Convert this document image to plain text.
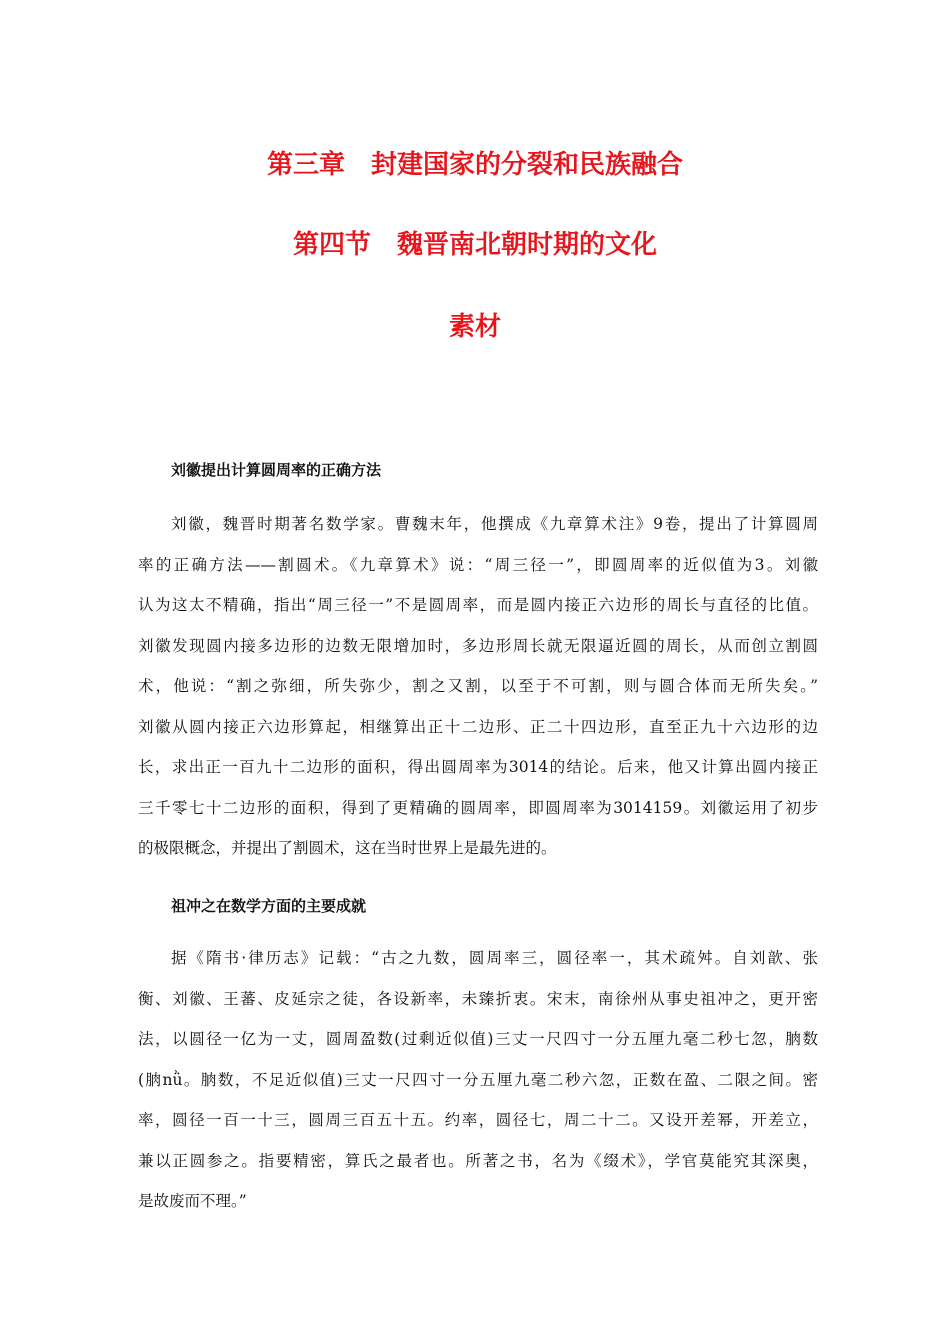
第三章　封建国家的分裂和民族融合
第四节　魏晋南北朝时期的文化
素材
刘徽提出计算圆周率的正确方法
刘徽，魏晋时期著名数学家。曹魏末年，他撰成《九章算术注》9卷，提出了计算圆周
率的正确方法——割圆术。《九章算术》说：“周三径一”，即圆周率的近似值为3。刘徽
认为这太不精确，指出“周三径一”不是圆周率，而是圆内接正六边形的周长与直径的比值。
刘徽发现圆内接多边形的边数无限增加时，多边形周长就无限逼近圆的周长，从而创立割圆
术，他说：“割之弥细，所失弥少，割之又割，以至于不可割，则与圆合体而无所失矣。”
刘徽从圆内接正六边形算起，相继算出正十二边形、正二十四边形，直至正九十六边形的边
长，求出正一百九十二边形的面积，得出圆周率为3014的结论。后来，他又计算出圆内接正
三千零七十二边形的面积，得到了更精确的圆周率，即圆周率为3014159。刘徽运用了初步
的极限概念，并提出了割圆术，这在当时世界上是最先进的。
祖冲之在数学方面的主要成就
据《隋书·律历志》记载：“古之九数，圆周率三，圆径率一，其术疏舛。自刘歆、张
衡、刘徽、王蕃、皮延宗之徒，各设新率，未臻折衷。宋末，南徐州从事史祖冲之，更开密
法，以圆径一亿为一丈，圆周盈数(过剩近似值)三丈一尺四寸一分五厘九毫二秒七忽，朒数
(朒nǜ。朒数，不足近似值)三丈一尺四寸一分五厘九毫二秒六忽，正数在盈、二限之间。密
率，圆径一百一十三，圆周三百五十五。约率，圆径七，周二十二。又设开差幂，开差立，
兼以正圆参之。指要精密，算氏之最者也。所著之书，名为《缀术》，学官莫能究其深奥，
是故废而不理。”
